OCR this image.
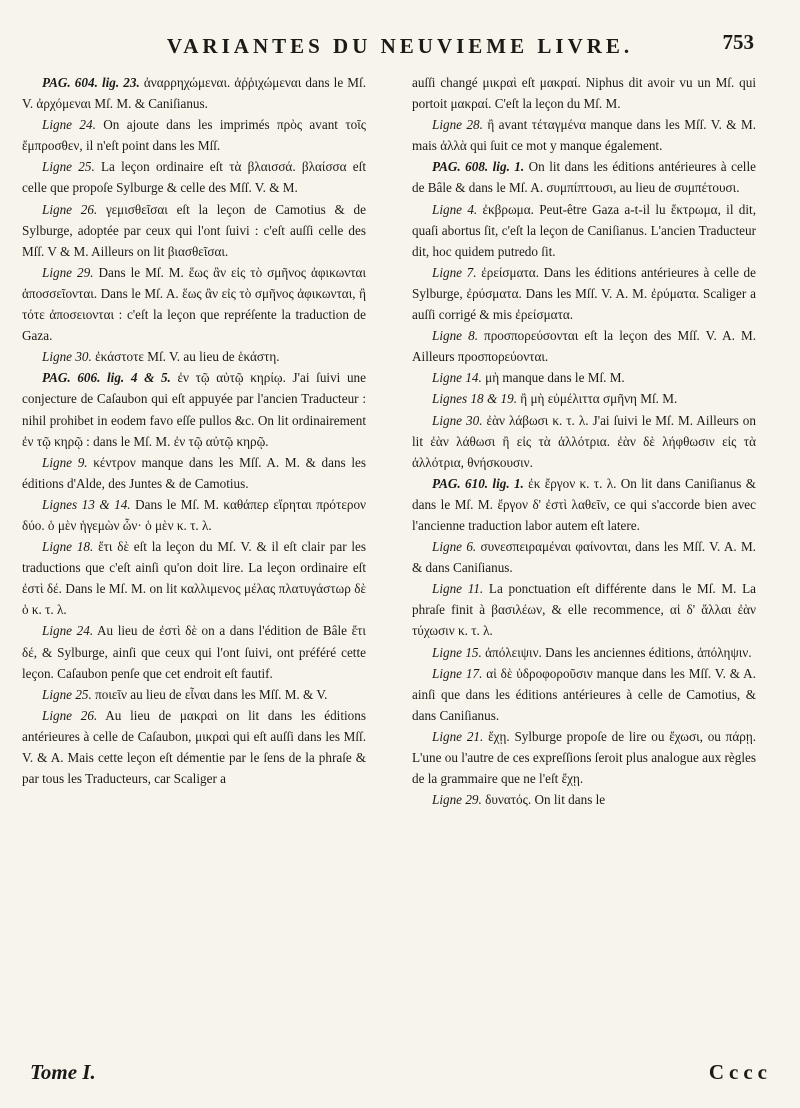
VARIANTES DU NEUVIEME LIVRE.	753

PAG. 604. lig. 23. ἀναρρηχώμεναι. ἀῤῥιχώμεναι dans le Mſ. V. ἀρχόμεναι Mſ. M. & Caniſianus.

Ligne 24. On ajoute dans les imprimés πρὸς avant τοῖς ἔμπροσθεν, il n'eſt point dans les Mſſ.

Ligne 25. La leçon ordinaire eſt τὰ βλαισσά. βλαίσσα eſt celle que propoſe Sylburge & celle des Mſſ. V. & M.

Ligne 26. γεμισθεῖσαι eſt la leçon de Camotius & de Sylburge, adoptée par ceux qui l'ont ſuivi : c'eſt auſſi celle des Mſſ. V & M. Ailleurs on lit βιασθεῖσαι.

Ligne 29. Dans le Mſ. M. ἕως ἂν εἰς τὸ σμῆνος ἀφικωνται ἀποσσεῖονται. Dans le Mſ. A. ἕως ἂν εἰς τὸ σμῆνος ἀφικωνται, ἢ τότε ἀποσειονται : c'eſt la leçon que repréſente la traduction de Gaza.

Ligne 30. ἐκάστοτε Mſ. V. au lieu de ἑκάστη.

PAG. 606. lig. 4 & 5. ἐν τῷ αὐτῷ κηρίῳ. J'ai ſuivi une conjecture de Caſaubon qui eſt appuyée par l'ancien Traducteur : nihil prohibet in eodem favo eſſe pullos &c. On lit ordinairement ἐν τῷ κηρῷ : dans le Mſ. M. ἐν τῷ αὐτῷ κηρῷ.

Ligne 9. κέντρον manque dans les Mſſ. A. M. & dans les éditions d'Alde, des Juntes & de Camotius.

Lignes 13 & 14. Dans le Mſ. M. καθάπερ εἴρηται πρότερον δύο. ὁ μὲν ἡγεμὼν ὧν· ὁ μὲν κ. τ. λ.

Ligne 18. ἔτι δὲ eſt la leçon du Mſ. V. & il eſt clair par les traductions que c'eſt ainſi qu'on doit lire. La leçon ordinaire eſt ἐστὶ δέ. Dans le Mſ. M. on lit καλλιμενος μέλας πλατυγάστωρ δὲ ὁ κ. τ. λ.

Ligne 24. Au lieu de ἐστὶ δὲ on a dans l'édition de Bâle ἔτι δέ, & Sylburge, ainſi que ceux qui l'ont ſuivi, ont préféré cette leçon. Caſaubon penſe que cet endroit eſt fautif.

Ligne 25. ποιεῖν au lieu de εἶναι dans les Mſſ. M. & V.

Ligne 26. Au lieu de μακραὶ on lit dans les éditions antérieures à celle de Caſaubon, μικραὶ qui eſt auſſi dans les Mſſ. V. & A. Mais cette leçon eſt démentie par le ſens de la phraſe & par tous les Traducteurs, car Scaliger a

auſſi changé μικραὶ eſt μακραί. Niphus dit avoir vu un Mſ. qui portoit μακραί. C'eſt la leçon du Mſ. M.

Ligne 28. ἢ avant τέταγμένα manque dans les Mſſ. V. & M. mais ἀλλὰ qui ſuit ce mot y manque également.

PAG. 608. lig. 1. On lit dans les éditions antérieures à celle de Bâle & dans le Mſ. A. συμπίπτουσι, au lieu de συμπέτουσι.

Ligne 4. ἐκβρωμα. Peut-être Gaza a-t-il lu ἔκτρωμα, il dit, quaſi abortus ſit, c'eſt la leçon de Caniſianus. L'ancien Traducteur dit, hoc quidem putredo ſit.

Ligne 7. ἐρείσματα. Dans les éditions antérieures à celle de Sylburge, ἐρύσματα. Dans les Mſſ. V. A. M. ἐρύματα. Scaliger a auſſi corrigé & mis ἐρείσματα.

Ligne 8. προσπορεύσονται eſt la leçon des Mſſ. V. A. M. Ailleurs προσπορεύονται.

Ligne 14. μὴ manque dans le Mſ. M.

Lignes 18 & 19. ἢ μὴ εὐμέλιττα σμῆνη Mſ. M.

Ligne 30. ἐὰν λάβωσι κ. τ. λ. J'ai ſuivi le Mſ. M. Ailleurs on lit ἐὰν λάθωσι ἢ εἰς τὰ ἀλλότρια. ἐὰν δὲ λήφθωσιν εἰς τὰ ἀλλότρια, θνήσκουσιν.

PAG. 610. lig. 1. ἐκ ἔργον κ. τ. λ. On lit dans Caniſianus & dans le Mſ. M. ἔργον δ' ἐστὶ λαθεῖν, ce qui s'accorde bien avec l'ancienne traduction labor autem eſt latere.

Ligne 6. συνεσπειραμέναι φαίνονται, dans les Mſſ. V. A. M. & dans Caniſianus.

Ligne 11. La ponctuation eſt différente dans le Mſ. M. La phraſe finit à βασιλέων, & elle recommence, αἱ δ' ἄλλαι ἐὰν τύχωσιν κ. τ. λ.

Ligne 15. ἀπόλειψιν. Dans les anciennes éditions, ἀπόληψιν.

Ligne 17. αἱ δὲ ὑδροφοροῦσιν manque dans les Mſſ. V. & A. ainſi que dans les éditions antérieures à celle de Camotius, & dans Caniſianus.

Ligne 21. ἔχῃ. Sylburge propoſe de lire ou ἔχωσι, ou πάρῃ. L'une ou l'autre de ces expreſſions ſeroit plus analogue aux règles de la grammaire que ne l'eſt ἔχῃ.

Ligne 29. δυνατός. On lit dans le

Tome I.	Cccc
